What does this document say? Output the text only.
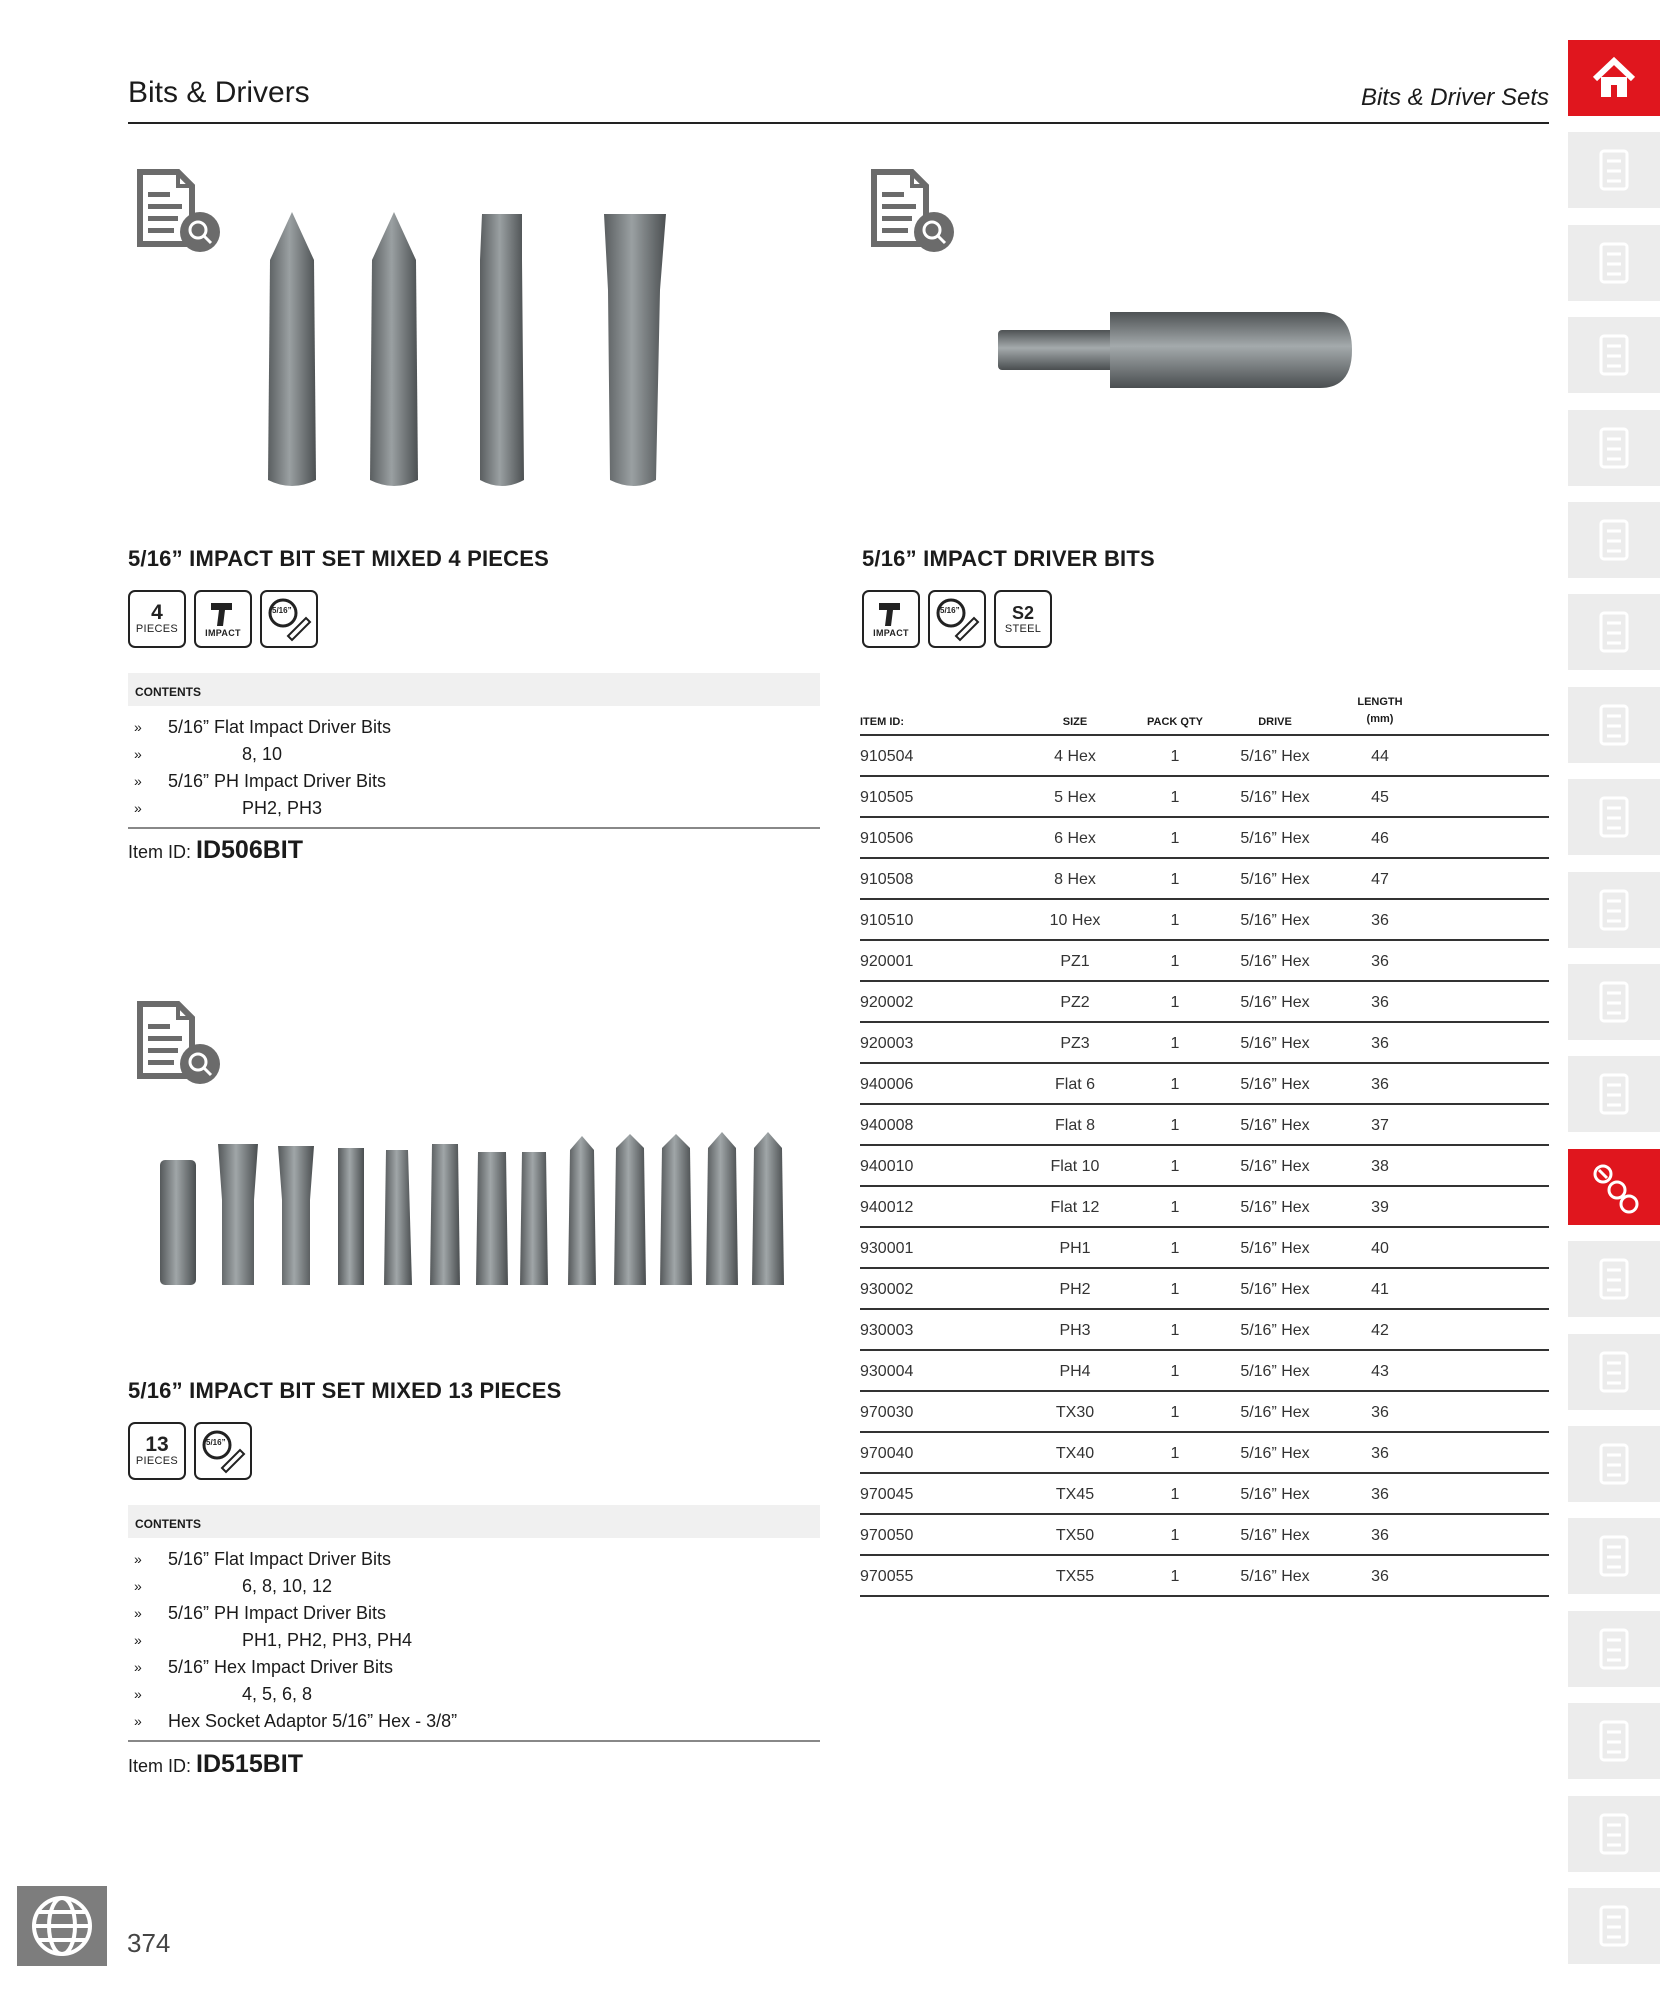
Bits & Drivers	Bits & Driver Sets
5/16” IMPACT BIT SET MIXED 4 PIECES
4
PIECES	IMPACT
5/16”
CONTENTS
» 5/16” Flat Impact Driver Bits
»	8, 10
» 5/16” PH Impact Driver Bits
»	PH2, PH3
Item ID: ID506BIT
5/16” IMPACT BIT SET MIXED 13 PIECES
13
PIECES
5/16”
CONTENTS
» 5/16” Flat Impact Driver Bits
»	6, 8, 10, 12
» 5/16” PH Impact Driver Bits
»	PH1, PH2, PH3, PH4
» 5/16” Hex Impact Driver Bits
»	4, 5, 6, 8
» Hex Socket Adaptor 5/16” Hex - 3/8”
Item ID: ID515BIT
5/16” IMPACT DRIVER BITS
IMPACT
5/16”	S2
STEEL
ITEM ID:	SIZE	PACK QTY	DRIVE
LENGTH
(mm)
910504	4 Hex	1	5/16” Hex	44
910505	5 Hex	1	5/16” Hex	45
910506	6 Hex	1	5/16” Hex	46
910508	8 Hex	1	5/16” Hex	47
910510	10 Hex	1	5/16” Hex	36
920001	PZ1	1	5/16” Hex	36
920002	PZ2	1	5/16” Hex	36
920003	PZ3	1	5/16” Hex	36
940006	Flat 6	1	5/16” Hex	36
940008	Flat 8	1	5/16” Hex	37
940010	Flat 10	1	5/16” Hex	38
940012	Flat 12	1	5/16” Hex	39
930001	PH1	1	5/16” Hex	40
930002	PH2	1	5/16” Hex	41
930003	PH3	1	5/16” Hex	42
930004	PH4	1	5/16” Hex	43
970030	TX30	1	5/16” Hex	36
970040	TX40	1	5/16” Hex	36
970045	TX45	1	5/16” Hex	36
970050	TX50	1	5/16” Hex	36
970055	TX55	1	5/16” Hex	36
374
